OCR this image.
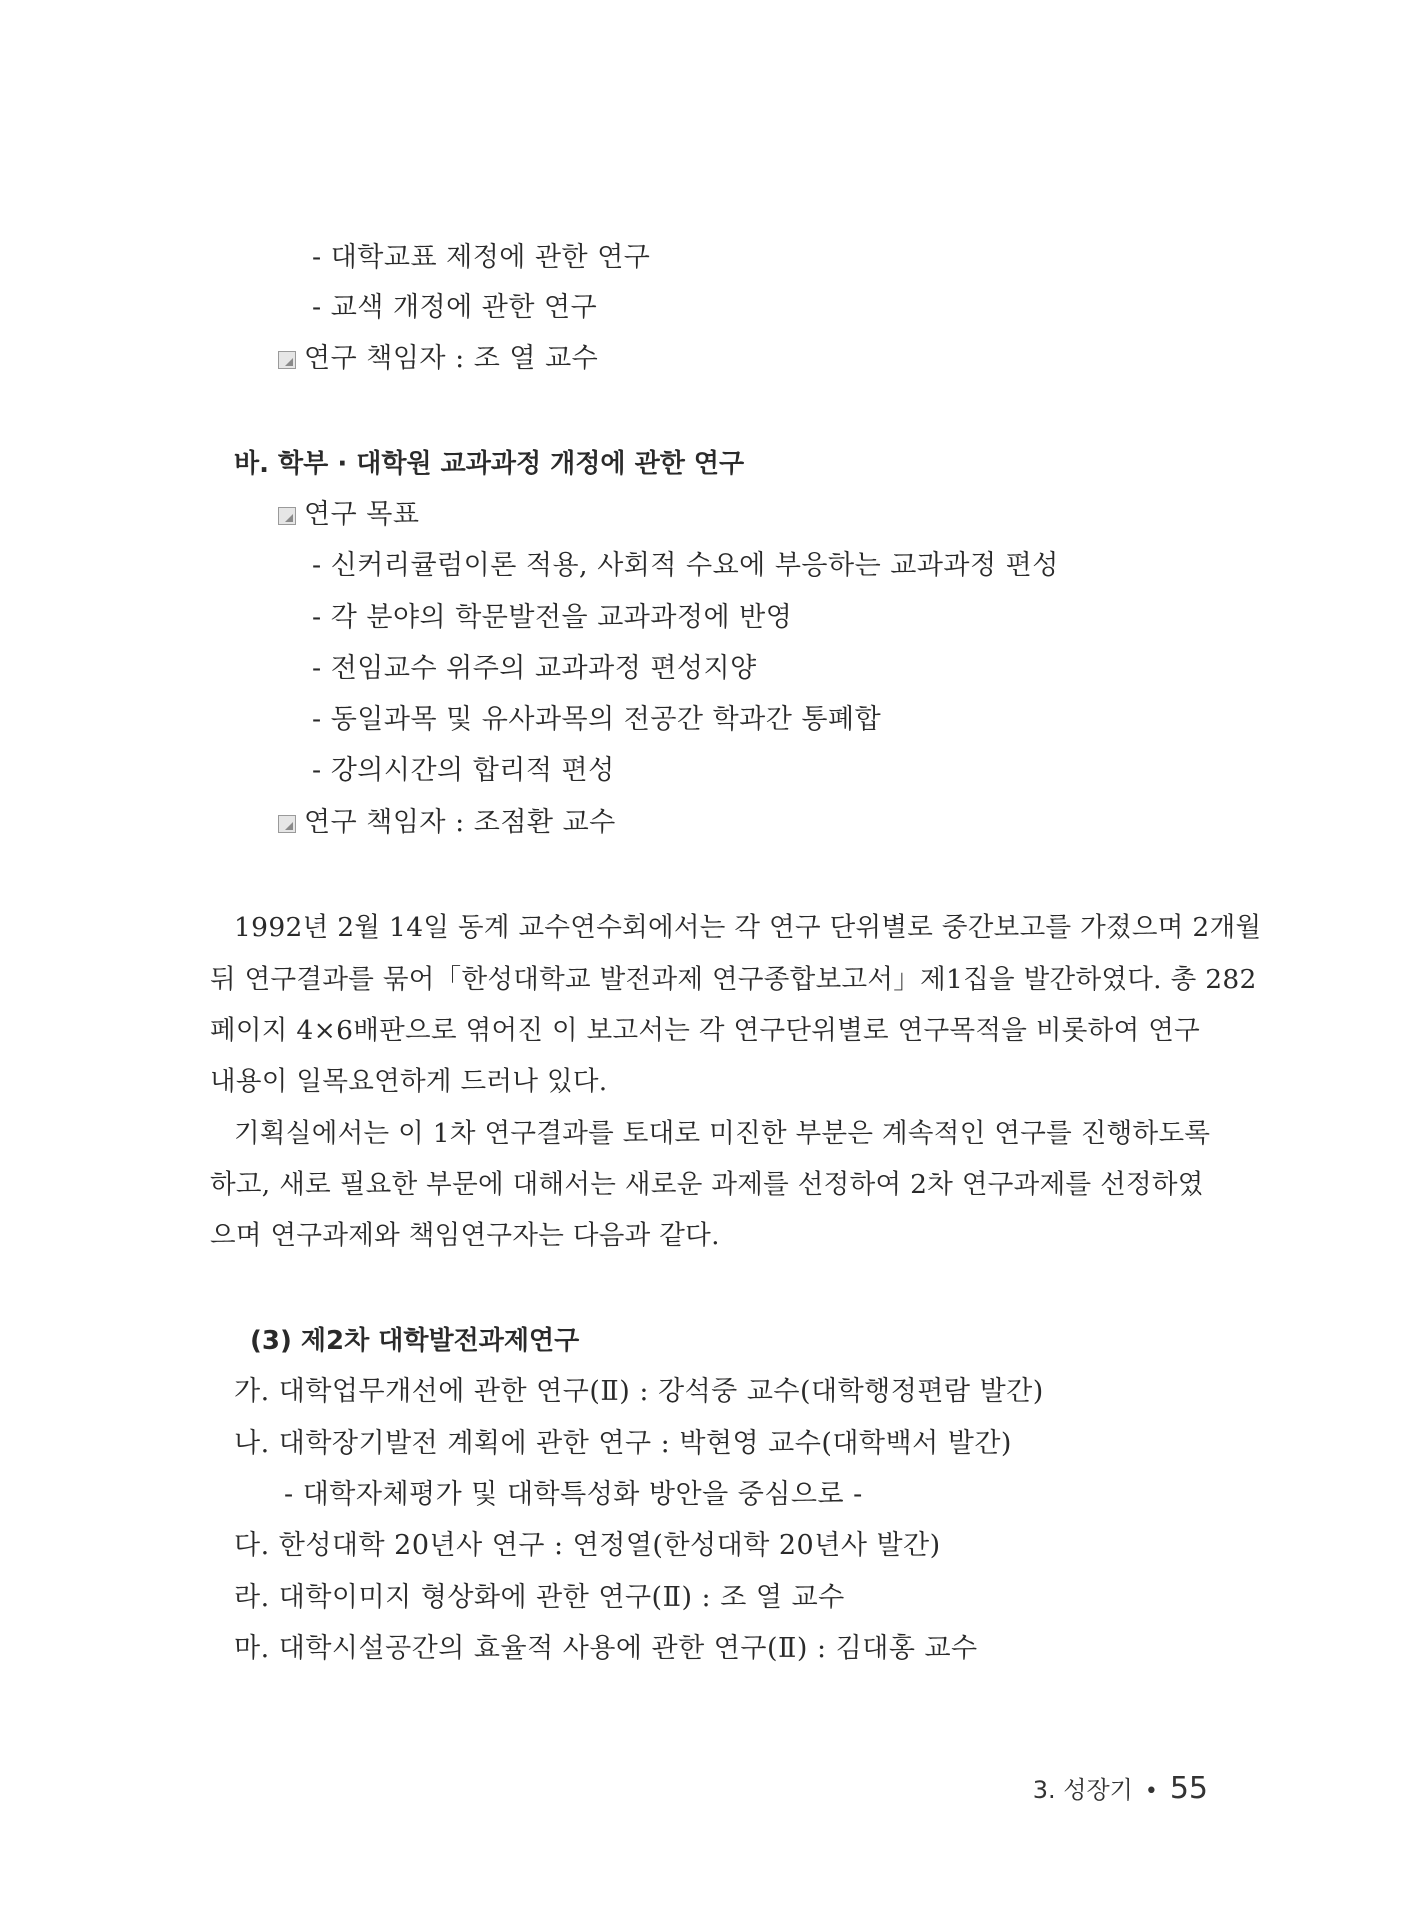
- 대학교표 제정에 관한 연구
- 교색 개정에 관한 연구
연구 책임자 : 조 열 교수
바. 학부 · 대학원 교과과정 개정에 관한 연구
연구 목표
- 신커리큘럼이론 적용, 사회적 수요에 부응하는 교과과정 편성
- 각 분야의 학문발전을 교과과정에 반영
- 전임교수 위주의 교과과정 편성지양
- 동일과목 및 유사과목의 전공간 학과간 통폐합
- 강의시간의 합리적 편성
연구 책임자 : 조점환 교수
1992년 2월 14일 동계 교수연수회에서는 각 연구 단위별로 중간보고를 가졌으며 2개월
뒤 연구결과를 묶어「한성대학교 발전과제 연구종합보고서」제1집을 발간하였다. 총 282
페이지 4×6배판으로 엮어진 이 보고서는 각 연구단위별로 연구목적을 비롯하여 연구
내용이 일목요연하게 드러나 있다.
기획실에서는 이 1차 연구결과를 토대로 미진한 부분은 계속적인 연구를 진행하도록
하고, 새로 필요한 부문에 대해서는 새로운 과제를 선정하여 2차 연구과제를 선정하였
으며 연구과제와 책임연구자는 다음과 같다.
(3) 제2차 대학발전과제연구
가. 대학업무개선에 관한 연구(Ⅱ) : 강석중 교수(대학행정편람 발간)
나. 대학장기발전 계획에 관한 연구 : 박현영 교수(대학백서 발간)
- 대학자체평가 및 대학특성화 방안을 중심으로 -
다. 한성대학 20년사 연구 : 연정열(한성대학 20년사 발간)
라. 대학이미지 형상화에 관한 연구(Ⅱ) : 조 열 교수
마. 대학시설공간의 효율적 사용에 관한 연구(Ⅱ) : 김대홍 교수
3. 성장기 • 55
